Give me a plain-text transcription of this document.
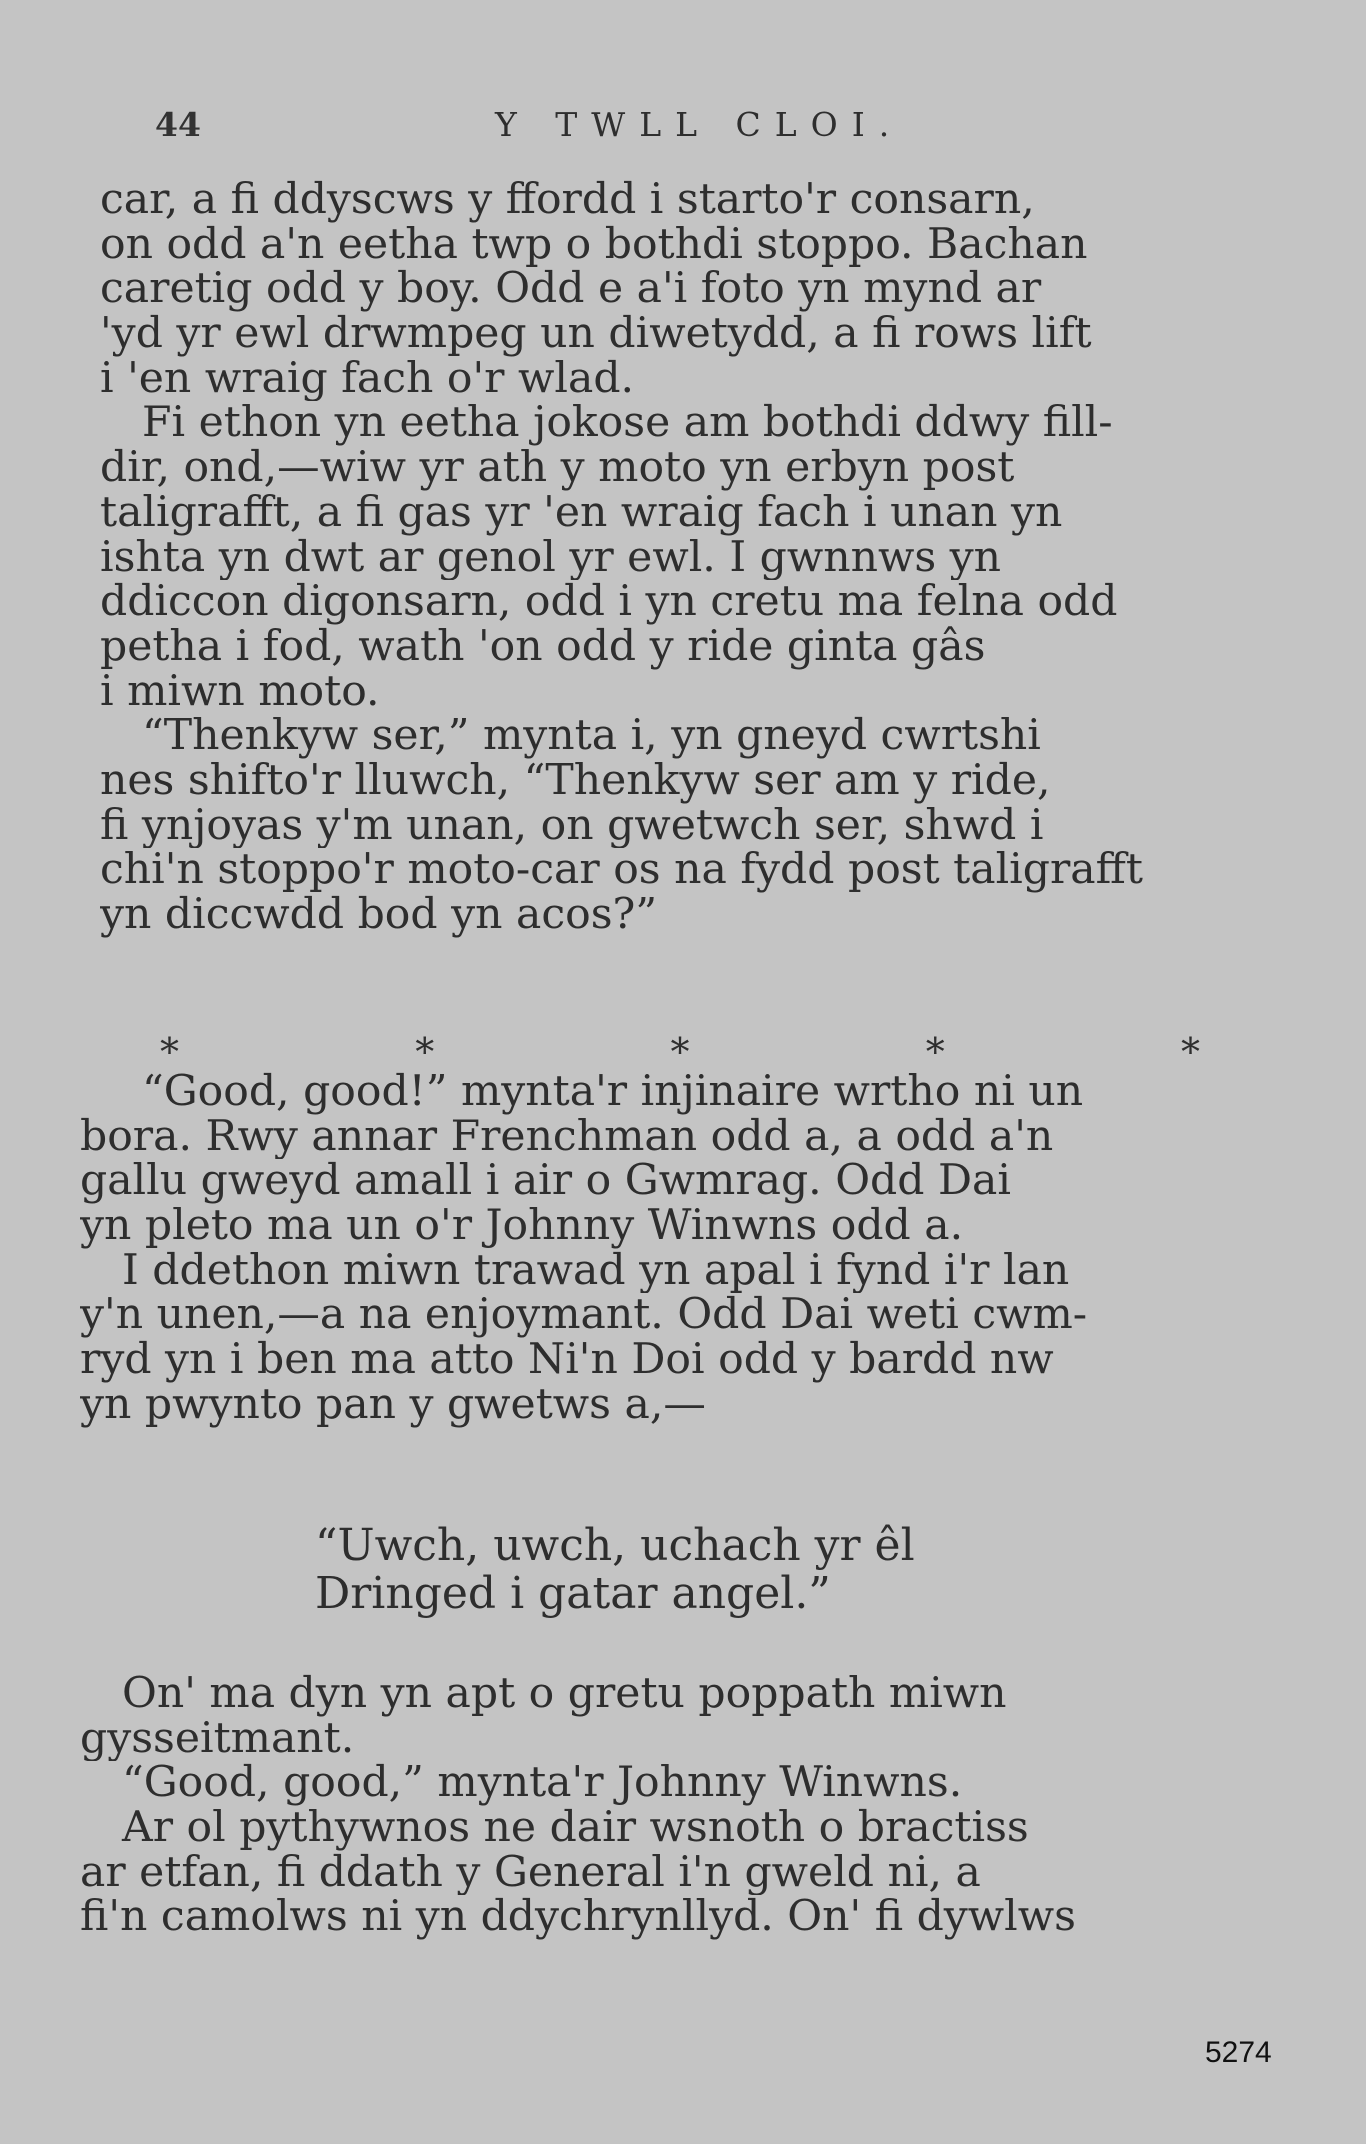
44	Y TWLL CLOI.
car, a fi ddyscws y ffordd i starto'r consarn,
on odd a'n eetha twp o bothdi stoppo. Bachan
caretig odd y boy. Odd e a'i foto yn mynd ar
'yd yr ewl drwmpeg un diwetydd, a fi rows lift
i 'en wraig fach o'r wlad.
Fi ethon yn eetha jokose am bothdi ddwy fill-
dir, ond,—wiw yr ath y moto yn erbyn post
taligrafft, a fi gas yr 'en wraig fach i unan yn
ishta yn dwt ar genol yr ewl. I gwnnws yn
ddiccon digonsarn, odd i yn cretu ma felna odd
petha i fod, wath 'on odd y ride ginta gâs
i miwn moto.
“Thenkyw ser,” mynta i, yn gneyd cwrtshi
nes shifto'r lluwch, “Thenkyw ser am y ride,
fi ynjoyas y'm unan, on gwetwch ser, shwd i
chi'n stoppo'r moto-car os na fydd post taligrafft
yn diccwdd bod yn acos?”
*	*	*	*	*
“Good, good!” mynta'r injinaire wrtho ni un
bora. Rwy annar Frenchman odd a, a odd a'n
gallu gweyd amall i air o Gwmrag. Odd Dai
yn pleto ma un o'r Johnny Winwns odd a.
I ddethon miwn trawad yn apal i fynd i'r lan
y'n unen,—a na enjoymant. Odd Dai weti cwm-
ryd yn i ben ma atto Ni'n Doi odd y bardd nw
yn pwynto pan y gwetws a,—
“Uwch, uwch, uchach yr êl
Dringed i gatar angel.”
On' ma dyn yn apt o gretu poppath miwn
gysseitmant.
“Good, good,” mynta'r Johnny Winwns.
Ar ol pythywnos ne dair wsnoth o bractiss
ar etfan, fi ddath y General i'n gweld ni, a
fi'n camolws ni yn ddychrynllyd. On' fi dywlws
5274
